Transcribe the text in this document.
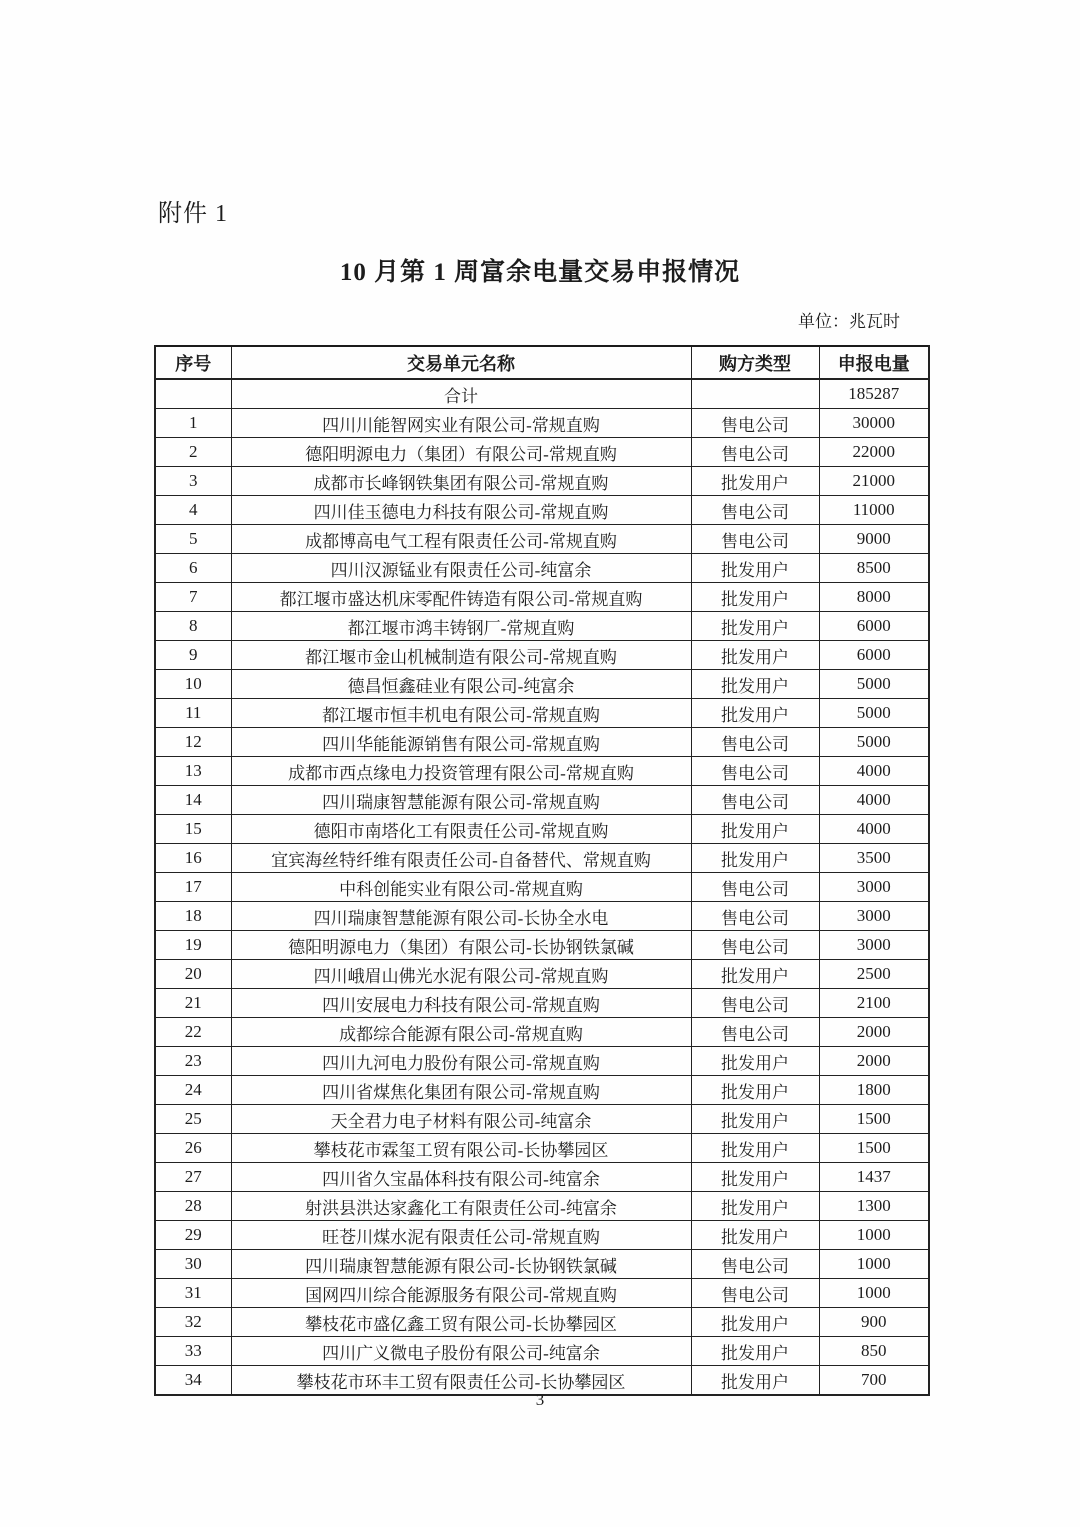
附件 1
10 月第 1 周富余电量交易申报情况
单位：兆瓦时
序号	交易单元名称	购方类型	申报电量
	合计		185287
1	四川川能智网实业有限公司-常规直购	售电公司	30000
2	德阳明源电力（集团）有限公司-常规直购	售电公司	22000
3	成都市长峰钢铁集团有限公司-常规直购	批发用户	21000
4	四川佳玉德电力科技有限公司-常规直购	售电公司	11000
5	成都博高电气工程有限责任公司-常规直购	售电公司	9000
6	四川汉源锰业有限责任公司-纯富余	批发用户	8500
7	都江堰市盛达机床零配件铸造有限公司-常规直购	批发用户	8000
8	都江堰市鸿丰铸钢厂-常规直购	批发用户	6000
9	都江堰市金山机械制造有限公司-常规直购	批发用户	6000
10	德昌恒鑫硅业有限公司-纯富余	批发用户	5000
11	都江堰市恒丰机电有限公司-常规直购	批发用户	5000
12	四川华能能源销售有限公司-常规直购	售电公司	5000
13	成都市西点缘电力投资管理有限公司-常规直购	售电公司	4000
14	四川瑞康智慧能源有限公司-常规直购	售电公司	4000
15	德阳市南塔化工有限责任公司-常规直购	批发用户	4000
16	宜宾海丝特纤维有限责任公司-自备替代、常规直购	批发用户	3500
17	中科创能实业有限公司-常规直购	售电公司	3000
18	四川瑞康智慧能源有限公司-长协全水电	售电公司	3000
19	德阳明源电力（集团）有限公司-长协钢铁氯碱	售电公司	3000
20	四川峨眉山佛光水泥有限公司-常规直购	批发用户	2500
21	四川安展电力科技有限公司-常规直购	售电公司	2100
22	成都综合能源有限公司-常规直购	售电公司	2000
23	四川九河电力股份有限公司-常规直购	批发用户	2000
24	四川省煤焦化集团有限公司-常规直购	批发用户	1800
25	天全君力电子材料有限公司-纯富余	批发用户	1500
26	攀枝花市霖玺工贸有限公司-长协攀园区	批发用户	1500
27	四川省久宝晶体科技有限公司-纯富余	批发用户	1437
28	射洪县洪达家鑫化工有限责任公司-纯富余	批发用户	1300
29	旺苍川煤水泥有限责任公司-常规直购	批发用户	1000
30	四川瑞康智慧能源有限公司-长协钢铁氯碱	售电公司	1000
31	国网四川综合能源服务有限公司-常规直购	售电公司	1000
32	攀枝花市盛亿鑫工贸有限公司-长协攀园区	批发用户	900
33	四川广义微电子股份有限公司-纯富余	批发用户	850
34	攀枝花市环丰工贸有限责任公司-长协攀园区	批发用户	700
3
